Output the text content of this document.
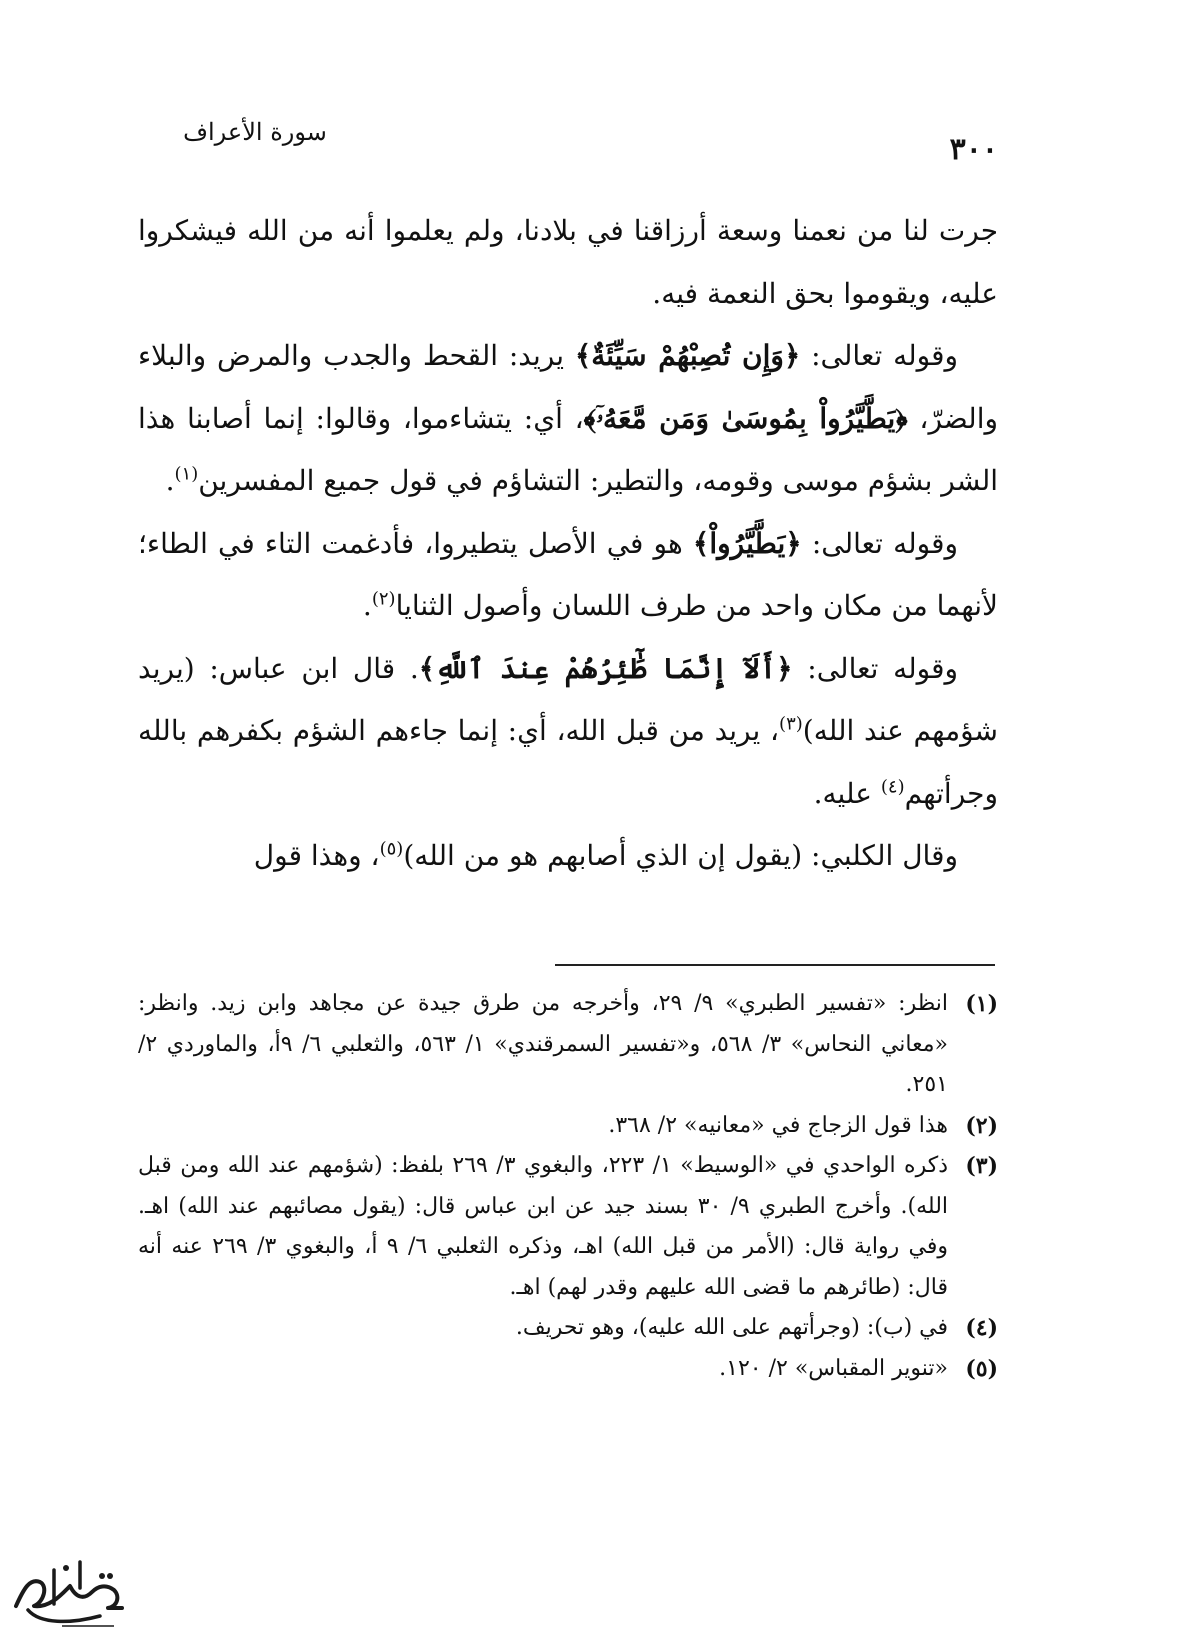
سورة الأعراف	٣٠٠

جرت لنا من نعمنا وسعة أرزاقنا في بلادنا، ولم يعلموا أنه من الله فيشكروا عليه، ويقوموا بحق النعمة فيه.

وقوله تعالى: ﴿وَإِن تُصِبْهُمْ سَيِّئَةٌ﴾ يريد: القحط والجدب والمرض والبلاء والضرّ، ﴿يَطَّيَّرُواْ بِمُوسَىٰ وَمَن مَّعَهُۥٓ﴾، أي: يتشاءموا، وقالوا: إنما أصابنا هذا الشر بشؤم موسى وقومه، والتطير: التشاؤم في قول جميع المفسرين$^{(١)}$.

وقوله تعالى: ﴿يَطَّيَّرُواْ﴾ هو في الأصل يتطيروا، فأدغمت التاء في الطاء؛ لأنهما من مكان واحد من طرف اللسان وأصول الثنايا$^{(٢)}$.

وقوله تعالى: ﴿أَلَآ إِنَّمَا طَٰٓئِرُهُمْ عِندَ ٱللَّهِ﴾. قال ابن عباس: (يريد شؤمهم عند الله)$^{(٣)}$، يريد من قبل الله، أي: إنما جاءهم الشؤم بكفرهم بالله وجرأتهم$^{(٤)}$ عليه.

وقال الكلبي: (يقول إن الذي أصابهم هو من الله)$^{(٥)}$، وهذا قول

(١)
انظر: «تفسير الطبري» ٩/ ٢٩، وأخرجه من طرق جيدة عن مجاهد وابن زيد. وانظر: «معاني النحاس» ٣/ ٥٦٨، و«تفسير السمرقندي» ١/ ٥٦٣، والثعلبي ٦/ ٩أ، والماوردي ٢/ ٢٥١.
(٢)
هذا قول الزجاج في «معانيه» ٢/ ٣٦٨.
(٣)
ذكره الواحدي في «الوسيط» ١/ ٢٢٣، والبغوي ٣/ ٢٦٩ بلفظ: (شؤمهم عند الله ومن قبل الله). وأخرج الطبري ٩/ ٣٠ بسند جيد عن ابن عباس قال: (يقول مصائبهم عند الله) اهـ. وفي رواية قال: (الأمر من قبل الله) اهـ، وذكره الثعلبي ٦/ ٩ أ، والبغوي ٣/ ٢٦٩ عنه أنه قال: (طائرهم ما قضى الله عليهم وقدر لهم) اهـ.
(٤)
في (ب): (وجرأتهم على الله عليه)، وهو تحريف.
(٥)
«تنوير المقباس» ٢/ ١٢٠.
